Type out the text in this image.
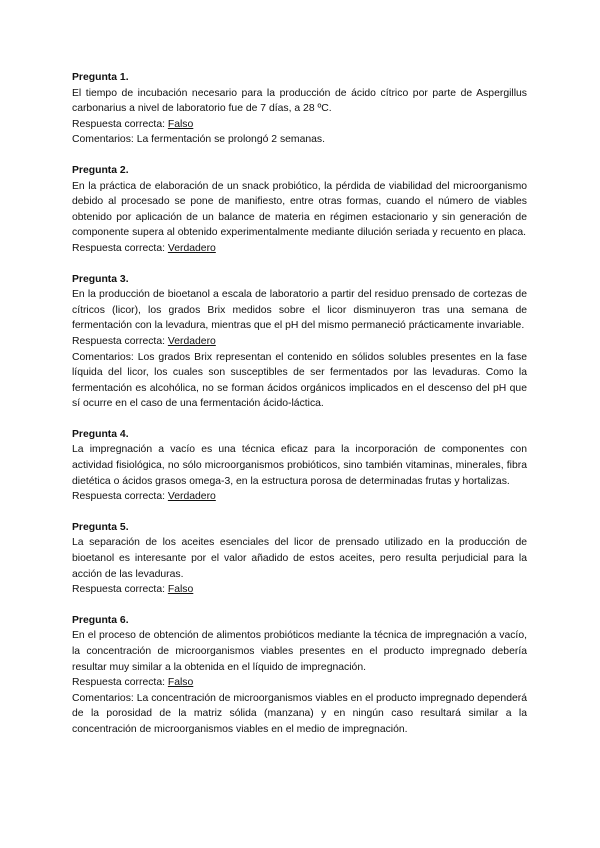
Pregunta 1.
El tiempo de incubación necesario para la producción de ácido cítrico por parte de Aspergillus carbonarius a nivel de laboratorio fue de 7 días, a 28 ºC.
Respuesta correcta: Falso
Comentarios: La fermentación se prolongó 2 semanas.
Pregunta 2.
En la práctica de elaboración de un snack probiótico, la pérdida de viabilidad del microorganismo debido al procesado se pone de manifiesto, entre otras formas, cuando el número de viables obtenido por aplicación de un balance de materia en régimen estacionario y sin generación de componente supera al obtenido experimentalmente mediante dilución seriada y recuento en placa.
Respuesta correcta: Verdadero
Pregunta 3.
En la producción de bioetanol a escala de laboratorio a partir del residuo prensado de cortezas de cítricos (licor), los grados Brix medidos sobre el licor disminuyeron tras una semana de fermentación con la levadura, mientras que el pH del mismo permaneció prácticamente invariable.
Respuesta correcta: Verdadero
Comentarios: Los grados Brix representan el contenido en sólidos solubles presentes en la fase líquida del licor, los cuales son susceptibles de ser fermentados por las levaduras. Como la fermentación es alcohólica, no se forman ácidos orgánicos implicados en el descenso del pH que sí ocurre en el caso de una fermentación ácido-láctica.
Pregunta 4.
La impregnación a vacío es una técnica eficaz para la incorporación de componentes con actividad fisiológica, no sólo microorganismos probióticos, sino también vitaminas, minerales, fibra dietética o ácidos grasos omega-3, en la estructura porosa de determinadas frutas y hortalizas.
Respuesta correcta: Verdadero
Pregunta 5.
La separación de los aceites esenciales del licor de prensado utilizado en la producción de bioetanol es interesante por el valor añadido de estos aceites, pero resulta perjudicial para la acción de las levaduras.
Respuesta correcta: Falso
Pregunta 6.
En el proceso de obtención de alimentos probióticos mediante la técnica de impregnación a vacío, la concentración de microorganismos viables presentes en el producto impregnado debería resultar muy similar a la obtenida en el líquido de impregnación.
Respuesta correcta: Falso
Comentarios: La concentración de microorganismos viables en el producto impregnado dependerá de la porosidad de la matriz sólida (manzana) y en ningún caso resultará similar a la concentración de microorganismos viables en el medio de impregnación.
